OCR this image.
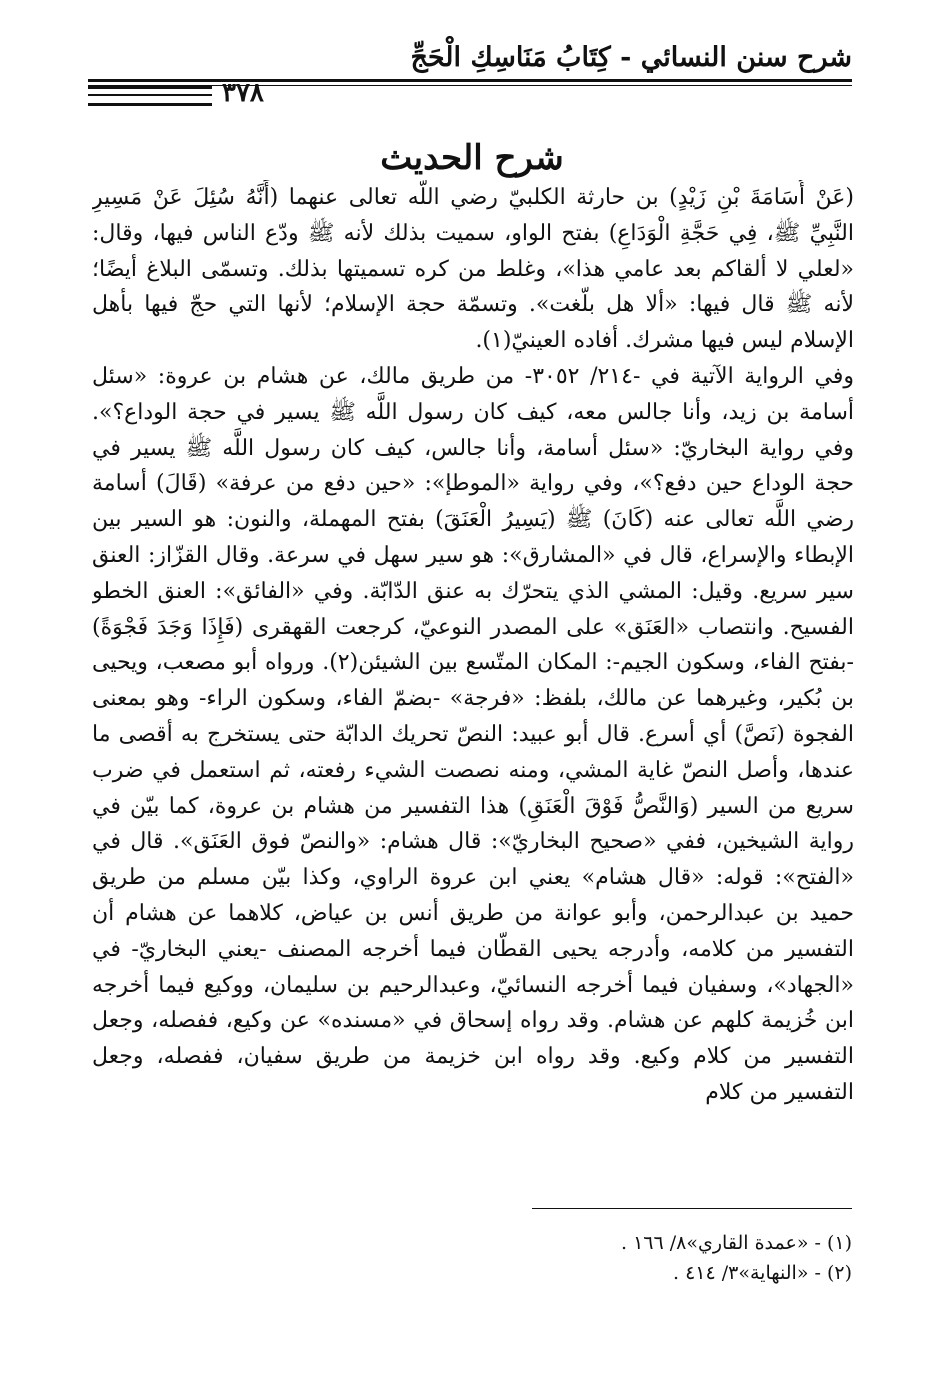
شرح سنن النسائي - كِتَابُ مَنَاسِكِ الْحَجِّ
٣٧٨
شرح الحديث

(عَنْ أُسَامَةَ بْنِ زَيْدٍ) بن حارثة الكلبيّ رضي اللَّه تعالى عنهما (أَنَّهُ سُئِلَ عَنْ مَسِيرِ النَّبِيِّ ﷺ، فِي حَجَّةِ الْوَدَاعِ) بفتح الواو، سميت بذلك لأنه ﷺ ودّع الناس فيها، وقال: «لعلي لا ألقاكم بعد عامي هذا»، وغلط من كره تسميتها بذلك. وتسمّى البلاغ أيضًا؛ لأنه ﷺ قال فيها: «ألا هل بلّغت». وتسمّة حجة الإسلام؛ لأنها التي حجّ فيها بأهل الإسلام ليس فيها مشرك. أفاده العينيّ(١).

وفي الرواية الآتية في -٢١٤/ ٣٠٥٢- من طريق مالك، عن هشام بن عروة: «سئل أسامة بن زيد، وأنا جالس معه، كيف كان رسول اللَّه ﷺ يسير في حجة الوداع؟». وفي رواية البخاريّ: «سئل أسامة، وأنا جالس، كيف كان رسول اللَّه ﷺ يسير في حجة الوداع حين دفع؟»، وفي رواية «الموطإ»: «حين دفع من عرفة» (قَالَ) أسامة رضي اللَّه تعالى عنه (كَانَ) ﷺ (يَسِيرُ الْعَنَقَ) بفتح المهملة، والنون: هو السير بين الإبطاء والإسراع، قال في «المشارق»: هو سير سهل في سرعة. وقال القزّاز: العنق سير سريع. وقيل: المشي الذي يتحرّك به عنق الدّابّة. وفي «الفائق»: العنق الخطو الفسيح. وانتصاب «العَنَق» على المصدر النوعيّ، كرجعت القهقرى (فَإِذَا وَجَدَ فَجْوَةً) -بفتح الفاء، وسكون الجيم-: المكان المتّسع بين الشيئن(٢). ورواه أبو مصعب، ويحيى بن بُكير، وغيرهما عن مالك، بلفظ: «فرجة» -بضمّ الفاء، وسكون الراء- وهو بمعنى الفجوة (نَصَّ) أي أسرع. قال أبو عبيد: النصّ تحريك الدابّة حتى يستخرج به أقصى ما عندها، وأصل النصّ غاية المشي، ومنه نصصت الشيء رفعته، ثم استعمل في ضرب سريع من السير (وَالنَّصُّ فَوْقَ الْعَنَقِ) هذا التفسير من هشام بن عروة، كما بيّن في رواية الشيخين، ففي «صحيح البخاريّ»: قال هشام: «والنصّ فوق العَنَق». قال في «الفتح»: قوله: «قال هشام» يعني ابن عروة الراوي، وكذا بيّن مسلم من طريق حميد بن عبدالرحمن، وأبو عوانة من طريق أنس بن عياض، كلاهما عن هشام أن التفسير من كلامه، وأدرجه يحيى القطّان فيما أخرجه المصنف -يعني البخاريّ- في «الجهاد»، وسفيان فيما أخرجه النسائيّ، وعبدالرحيم بن سليمان، ووكيع فيما أخرجه ابن خُزيمة كلهم عن هشام. وقد رواه إسحاق في «مسنده» عن وكيع، ففصله، وجعل التفسير من كلام وكيع. وقد رواه ابن خزيمة من طريق سفيان، ففصله، وجعل التفسير من كلام

(١) - «عمدة القاري»٨/ ١٦٦ .
(٢) - «النهاية»٣/ ٤١٤ .
